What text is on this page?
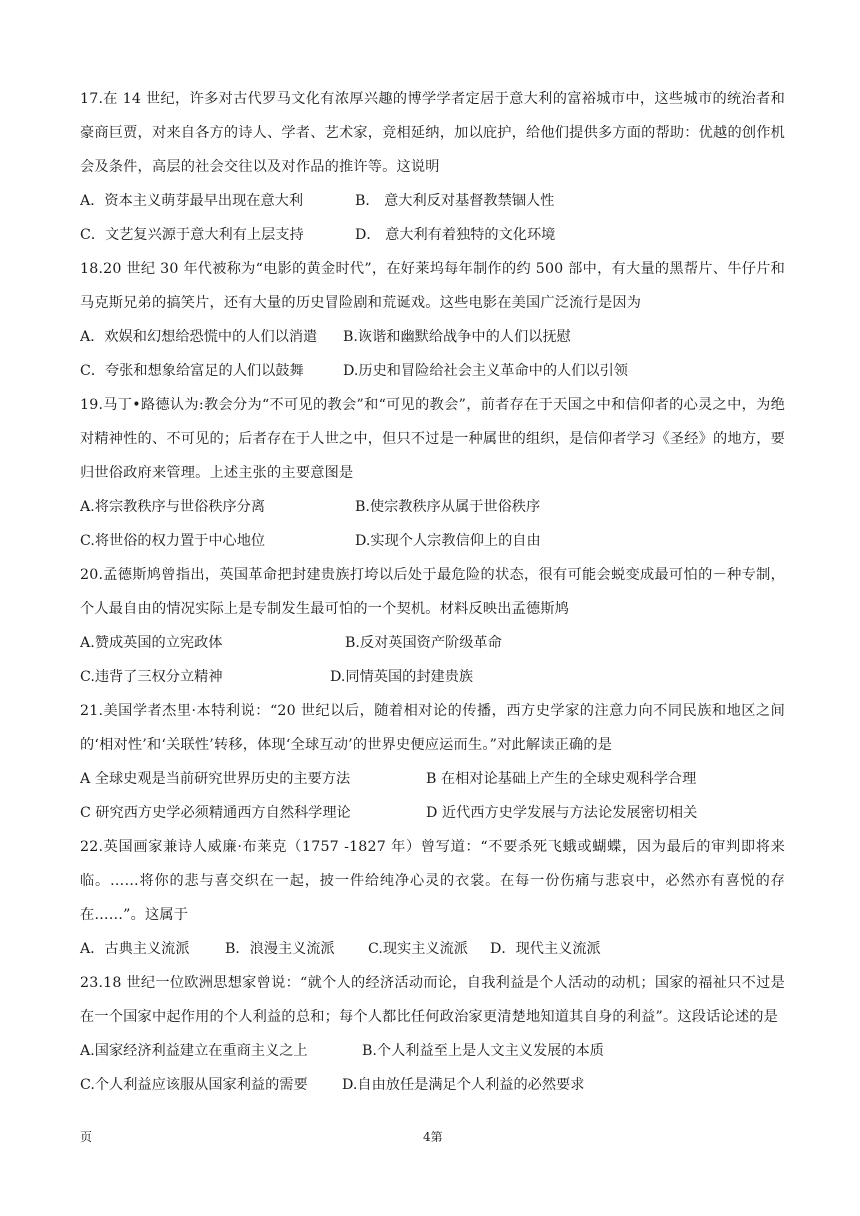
17.在 14 世纪，许多对古代罗马文化有浓厚兴趣的博学学者定居于意大利的富裕城市中，这些城市的统治者和豪商巨贾，对来自各方的诗人、学者、艺术家，竞相延纳，加以庇护，给他们提供多方面的帮助：优越的创作机会及条件，高层的社会交往以及对作品的推许等。这说明

A．资本主义萌芽最早出现在意大利	B． 意大利反对基督教禁锢人性
C．文艺复兴源于意大利有上层支持	D． 意大利有着独特的文化环境

18.20 世纪 30 年代被称为“电影的黄金时代”，在好莱坞每年制作的约 500 部中，有大量的黑帮片、牛仔片和马克斯兄弟的搞笑片，还有大量的历史冒险剧和荒诞戏。这些电影在美国广泛流行是因为

A．欢娱和幻想给恐慌中的人们以消遣 B.诙谐和幽默给战争中的人们以抚慰
C．夸张和想象给富足的人们以鼓舞	D.历史和冒险给社会主义革命中的人们以引领

19.马丁•路德认为:教会分为“不可见的教会”和“可见的教会”，前者存在于天国之中和信仰者的心灵之中，为绝对精神性的、不可见的；后者存在于人世之中，但只不过是一种属世的组织，是信仰者学习《圣经》的地方，要归世俗政府来管理。上述主张的主要意图是

A.将宗教秩序与世俗秩序分离	B.使宗教秩序从属于世俗秩序
C.将世俗的权力置于中心地位	D.实现个人宗教信仰上的自由

20.孟德斯鸠曾指出，英国革命把封建贵族打垮以后处于最危险的状态，很有可能会蜕变成最可怕的－种专制，个人最自由的情况实际上是专制发生最可怕的一个契机。材料反映出孟德斯鸠

A.赞成英国的立宪政体	B.反对英国资产阶级革命
C.违背了三权分立精神	D.同情英国的封建贵族

21.美国学者杰里·本特利说：“20 世纪以后，随着相对论的传播，西方史学家的注意力向不同民族和地区之间的‘相对性’和‘关联性’转移，体现‘全球互动’的世界史便应运而生。”对此解读正确的是

A 全球史观是当前研究世界历史的主要方法	B 在相对论基础上产生的全球史观科学合理
C 研究西方史学必须精通西方自然科学理论	D 近代西方史学发展与方法论发展密切相关

22.英国画家兼诗人威廉·布莱克（1757 -1827 年）曾写道：“不要杀死飞蛾或蝴蝶，因为最后的审判即将来临。……将你的悲与喜交织在一起，披一件给纯净心灵的衣裳。在每一份伤痛与悲哀中，必然亦有喜悦的存在……”。这属于

A．古典主义流派 B．浪漫主义流派 C.现实主义流派 D．现代主义流派

23.18 世纪一位欧洲思想家曾说：“就个人的经济活动而论，自我利益是个人活动的动机；国家的福祉只不过是在一个国家中起作用的个人利益的总和；每个人都比任何政治家更清楚地知道其自身的利益”。这段话论述的是

A.国家经济利益建立在重商主义之上	B.个人利益至上是人文主义发展的本质
C.个人利益应该服从国家利益的需要 D.自由放任是满足个人利益的必然要求
页	4第
